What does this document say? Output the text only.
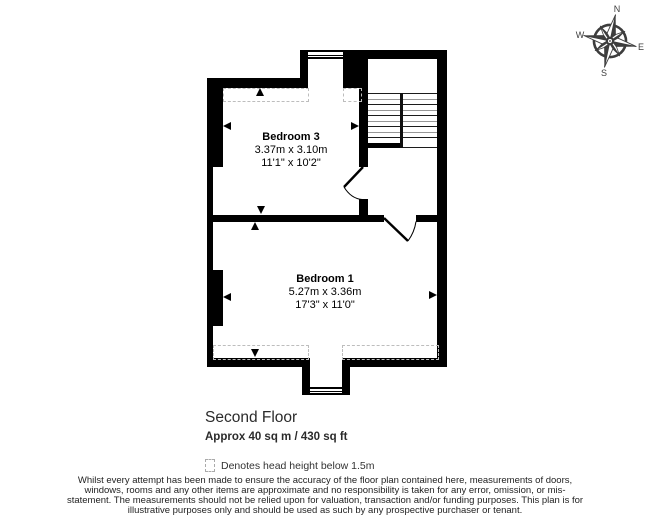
Bedroom 3
3.37m x 3.10m
11'1" x 10'2"
Bedroom 1
5.27m x 3.36m
17'3" x 11'0"
N
E
S
W
Second Floor
Approx 40 sq m / 430 sq ft
Denotes head height below 1.5m
Whilst every attempt has been made to ensure the accuracy of the floor plan contained here, measurements of doors, windows, rooms and any other items are approximate and no responsibility is taken for any error, omission, or mis-statement. The measurements should not be relied upon for valuation, transaction and/or funding purposes. This plan is for illustrative purposes only and should be used as such by any prospective purchaser or tenant.
